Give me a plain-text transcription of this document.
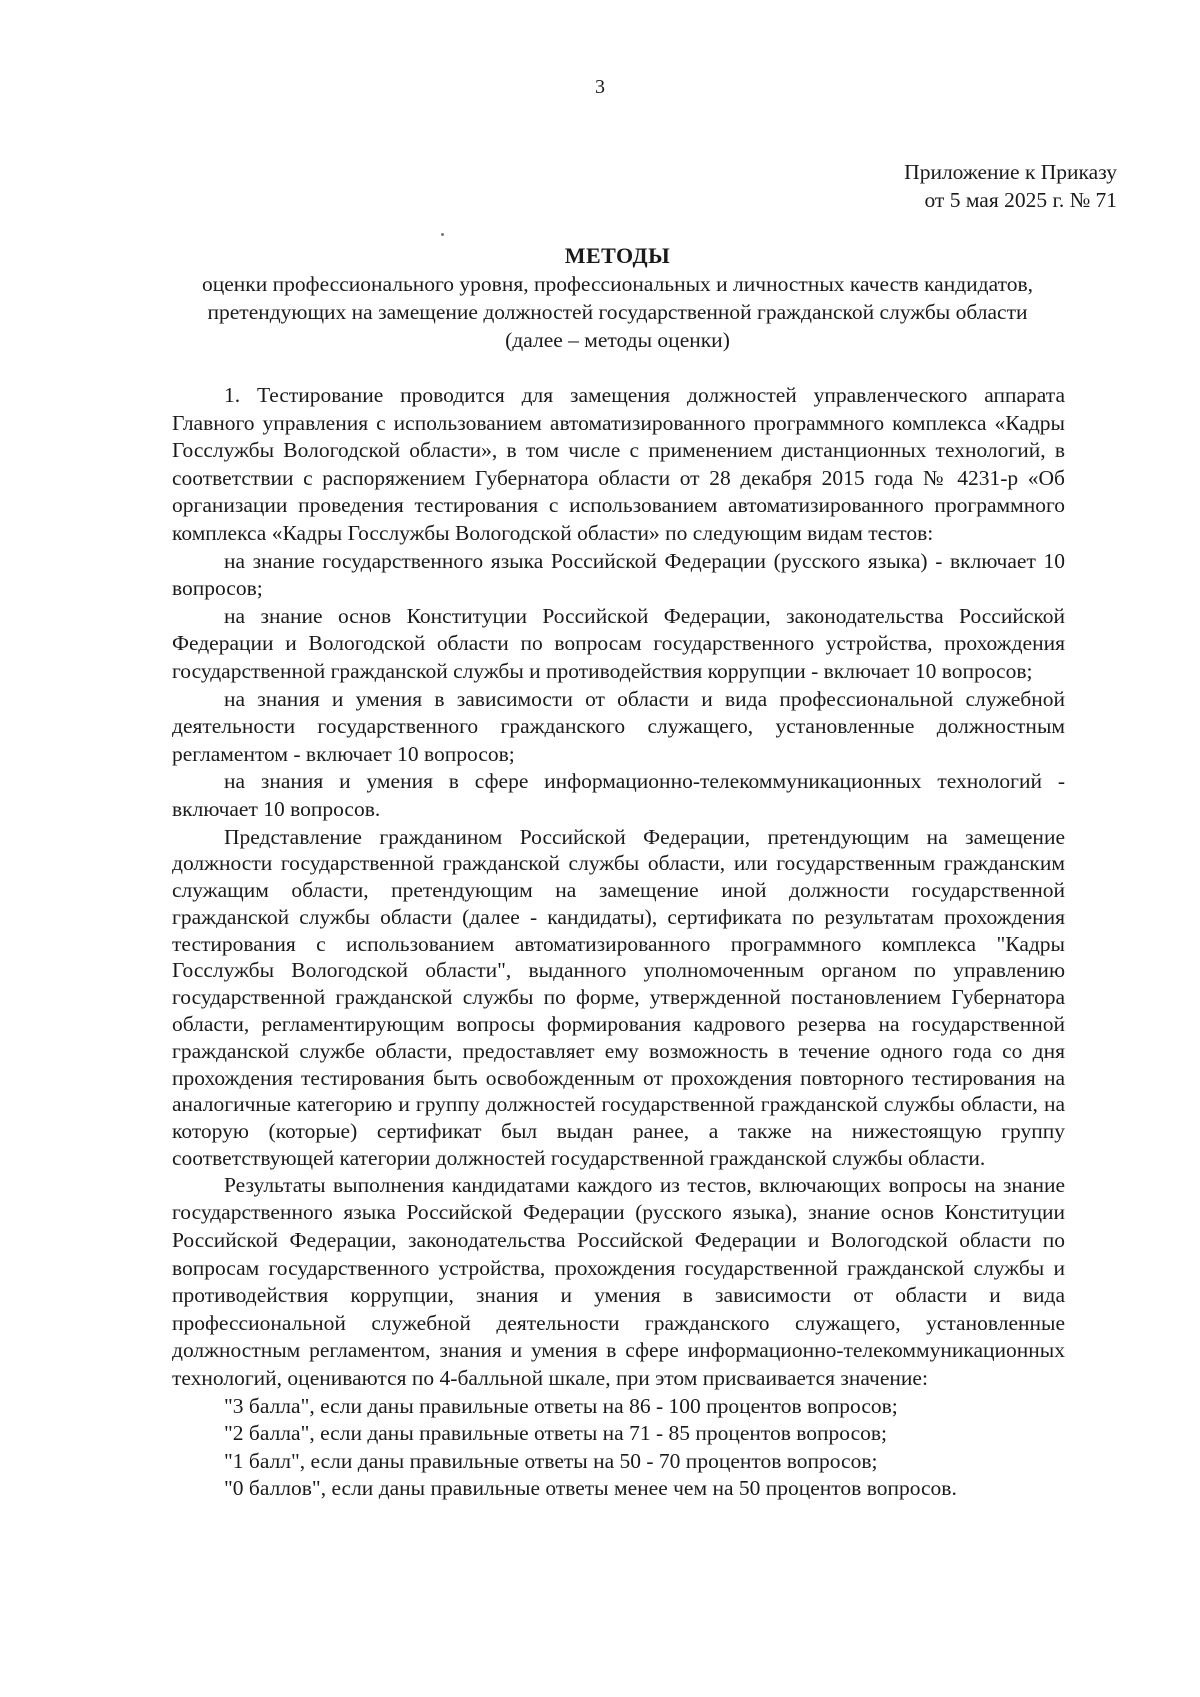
3
Приложение к Приказу
от 5 мая 2025 г. № 71
МЕТОДЫ
оценки профессионального уровня, профессиональных и личностных качеств кандидатов,
претендующих на замещение должностей государственной гражданской службы области
(далее – методы оценки)

1. Тестирование проводится для замещения должностей управленческого аппарата Главного управления с использованием автоматизированного программного комплекса «Кадры Госслужбы Вологодской области», в том числе с применением дистанционных технологий, в соответствии с распоряжением Губернатора области от 28 декабря 2015 года № 4231-р «Об организации проведения тестирования с использованием автоматизированного программного комплекса «Кадры Госслужбы Вологодской области» по следующим видам тестов:

на знание государственного языка Российской Федерации (русского языка) - включает 10 вопросов;

на знание основ Конституции Российской Федерации, законодательства Российской Федерации и Вологодской области по вопросам государственного устройства, прохождения государственной гражданской службы и противодействия коррупции - включает 10 вопросов;

на знания и умения в зависимости от области и вида профессиональной служебной деятельности государственного гражданского служащего, установленные должностным регламентом - включает 10 вопросов;

на знания и умения в сфере информационно-телекоммуникационных технологий - включает 10 вопросов.

Представление гражданином Российской Федерации, претендующим на замещение должности государственной гражданской службы области, или государственным гражданским служащим области, претендующим на замещение иной должности государственной гражданской службы области (далее - кандидаты), сертификата по результатам прохождения тестирования с использованием автоматизированного программного комплекса "Кадры Госслужбы Вологодской области", выданного уполномоченным органом по управлению государственной гражданской службы по форме, утвержденной постановлением Губернатора области, регламентирующим вопросы формирования кадрового резерва на государственной гражданской службе области, предоставляет ему возможность в течение одного года со дня прохождения тестирования быть освобожденным от прохождения повторного тестирования на аналогичные категорию и группу должностей государственной гражданской службы области, на которую (которые) сертификат был выдан ранее, а также на нижестоящую группу соответствующей категории должностей государственной гражданской службы области.

Результаты выполнения кандидатами каждого из тестов, включающих вопросы на знание государственного языка Российской Федерации (русского языка), знание основ Конституции Российской Федерации, законодательства Российской Федерации и Вологодской области по вопросам государственного устройства, прохождения государственной гражданской службы и противодействия коррупции, знания и умения в зависимости от области и вида профессиональной служебной деятельности гражданского служащего, установленные должностным регламентом, знания и умения в сфере информационно-телекоммуникационных технологий, оцениваются по 4-балльной шкале, при этом присваивается значение:

"3 балла", если даны правильные ответы на 86 - 100 процентов вопросов;

"2 балла", если даны правильные ответы на 71 - 85 процентов вопросов;

"1 балл", если даны правильные ответы на 50 - 70 процентов вопросов;

"0 баллов", если даны правильные ответы менее чем на 50 процентов вопросов.
